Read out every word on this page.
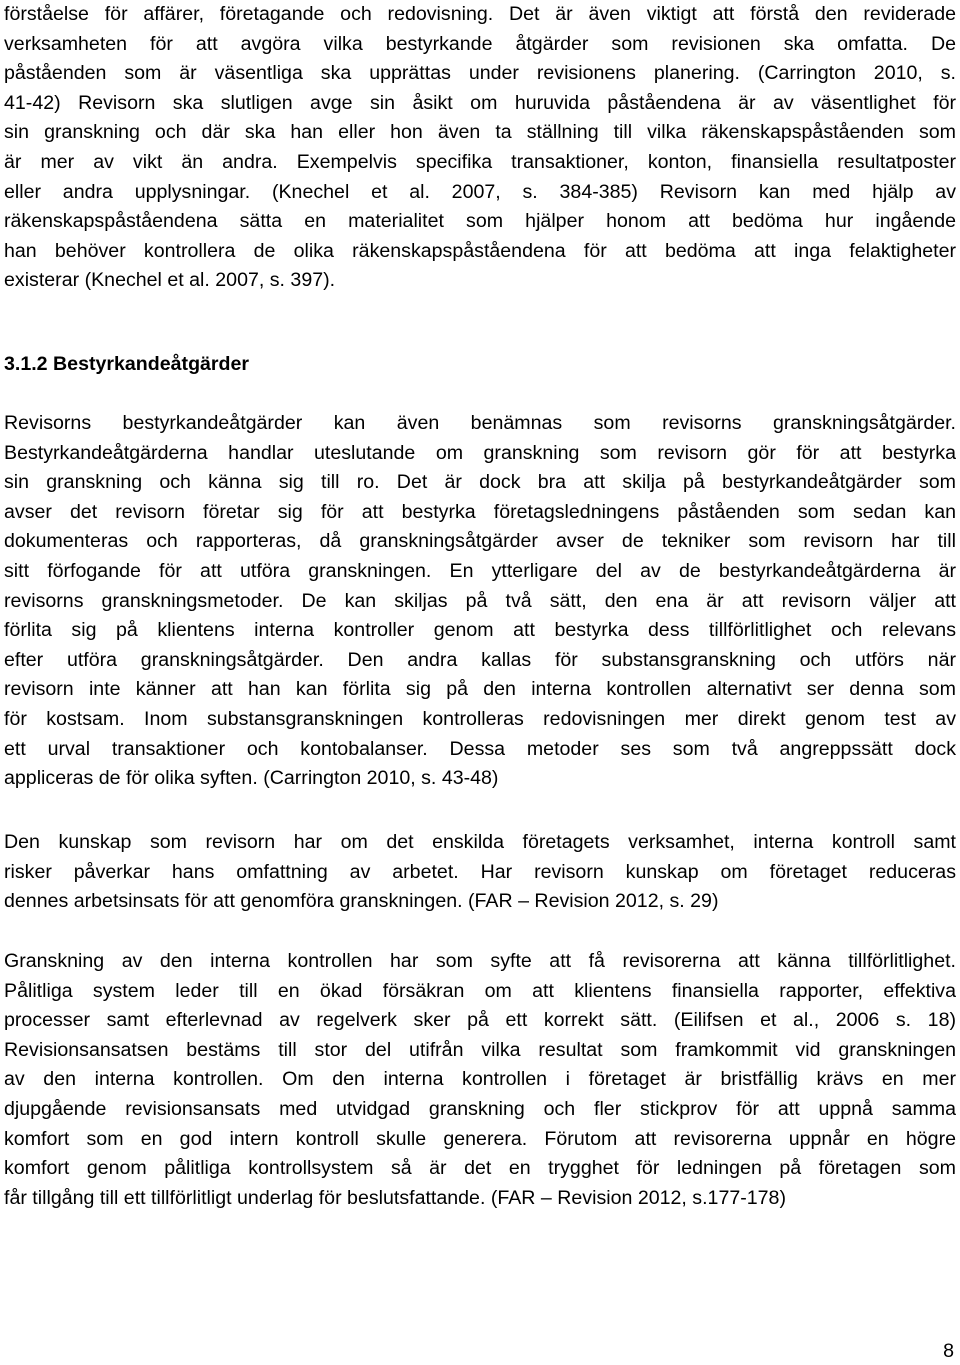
förståelse för affärer, företagande och redovisning. Det är även viktigt att förstå den reviderade
verksamheten för att avgöra vilka bestyrkande åtgärder som revisionen ska omfatta. De
påståenden som är väsentliga ska upprättas under revisionens planering. (Carrington 2010, s.
41-42) Revisorn ska slutligen avge sin åsikt om huruvida påståendena är av väsentlighet för
sin granskning och där ska han eller hon även ta ställning till vilka räkenskapspåståenden som
är mer av vikt än andra. Exempelvis specifika transaktioner, konton, finansiella resultatposter
eller andra upplysningar. (Knechel et al. 2007, s. 384-385) Revisorn kan med hjälp av
räkenskapspåståendena sätta en materialitet som hjälper honom att bedöma hur ingående
han behöver kontrollera de olika räkenskapspåståendena för att bedöma att inga felaktigheter
existerar (Knechel et al. 2007, s. 397).
3.1.2 Bestyrkandeåtgärder
Revisorns bestyrkandeåtgärder kan även benämnas som revisorns granskningsåtgärder.
Bestyrkandeåtgärderna handlar uteslutande om granskning som revisorn gör för att bestyrka
sin granskning och känna sig till ro. Det är dock bra att skilja på bestyrkandeåtgärder som
avser det revisorn företar sig för att bestyrka företagsledningens påståenden som sedan kan
dokumenteras och rapporteras, då granskningsåtgärder avser de tekniker som revisorn har till
sitt förfogande för att utföra granskningen. En ytterligare del av de bestyrkandeåtgärderna är
revisorns granskningsmetoder. De kan skiljas på två sätt, den ena är att revisorn väljer att
förlita sig på klientens interna kontroller genom att bestyrka dess tillförlitlighet och relevans
efter utföra granskningsåtgärder. Den andra kallas för substansgranskning och utförs när
revisorn inte känner att han kan förlita sig på den interna kontrollen alternativt ser denna som
för kostsam. Inom substansgranskningen kontrolleras redovisningen mer direkt genom test av
ett urval transaktioner och kontobalanser. Dessa metoder ses som två angreppssätt dock
appliceras de för olika syften. (Carrington 2010, s. 43-48)
Den kunskap som revisorn har om det enskilda företagets verksamhet, interna kontroll samt
risker påverkar hans omfattning av arbetet. Har revisorn kunskap om företaget reduceras
dennes arbetsinsats för att genomföra granskningen. (FAR – Revision 2012, s. 29)
Granskning av den interna kontrollen har som syfte att få revisorerna att känna tillförlitlighet.
Pålitliga system leder till en ökad försäkran om att klientens finansiella rapporter, effektiva
processer samt efterlevnad av regelverk sker på ett korrekt sätt. (Eilifsen et al., 2006 s. 18)
Revisionsansatsen bestäms till stor del utifrån vilka resultat som framkommit vid granskningen
av den interna kontrollen. Om den interna kontrollen i företaget är bristfällig krävs en mer
djupgående revisionsansats med utvidgad granskning och fler stickprov för att uppnå samma
komfort som en god intern kontroll skulle generera. Förutom att revisorerna uppnår en högre
komfort genom pålitliga kontrollsystem så är det en trygghet för ledningen på företagen som
får tillgång till ett tillförlitligt underlag för beslutsfattande. (FAR – Revision 2012, s.177-178)
8
